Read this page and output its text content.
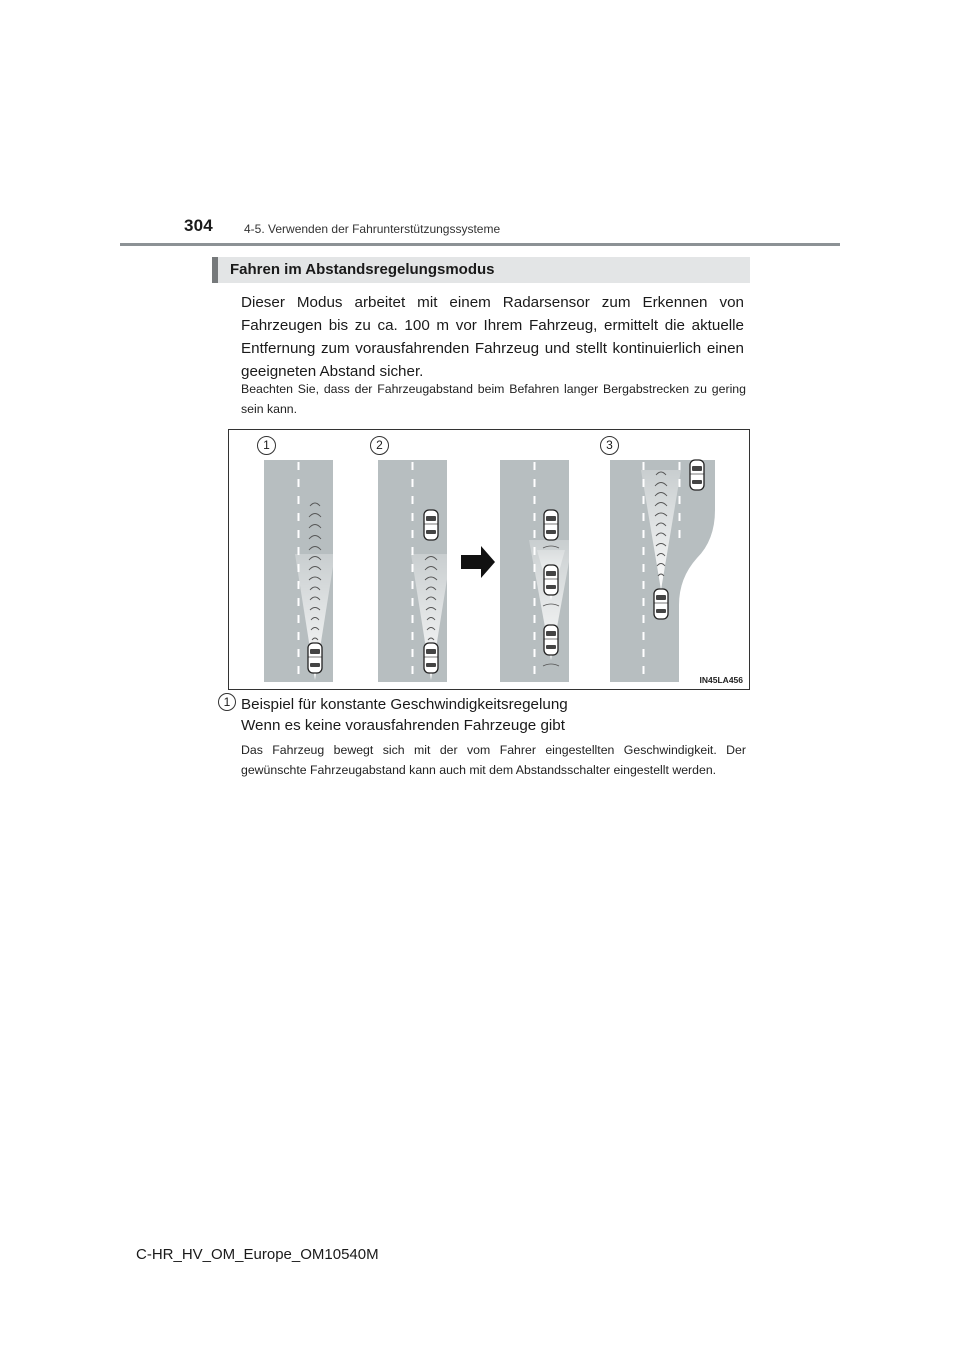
304	4-5. Verwenden der Fahrunterstützungssysteme
Fahren im Abstandsregelungsmodus

Dieser Modus arbeitet mit einem Radarsensor zum Erkennen von Fahrzeugen bis zu ca. 100 m vor Ihrem Fahrzeug, ermittelt die aktuelle Entfernung zum vorausfahrenden Fahrzeug und stellt kontinuierlich einen geeigneten Abstand sicher.

Beachten Sie, dass der Fahrzeugabstand beim Befahren langer Bergabstrecken zu gering sein kann.

1	2	3
IN45LA456
1 Beispiel für konstante Geschwindigkeitsregelung

Wenn es keine vorausfahrenden Fahrzeuge gibt

Das Fahrzeug bewegt sich mit der vom Fahrer eingestellten Geschwindigkeit. Der gewünschte Fahrzeugabstand kann auch mit dem Abstandsschalter eingestellt werden.

C-HR_HV_OM_Europe_OM10540M
